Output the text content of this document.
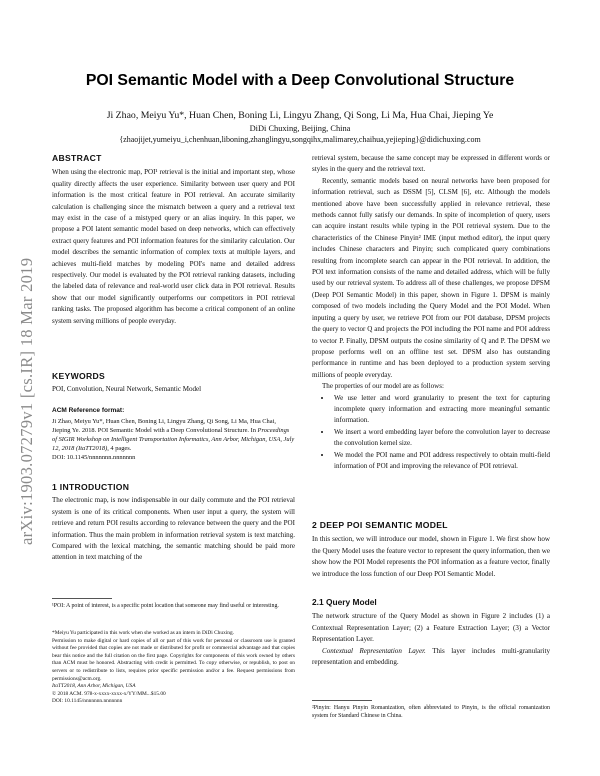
arXiv:1903.07279v1 [cs.IR] 18 Mar 2019
POI Semantic Model with a Deep Convolutional Structure
Ji Zhao, Meiyu Yu*, Huan Chen, Boning Li, Lingyu Zhang, Qi Song, Li Ma, Hua Chai, Jieping Ye
DiDi Chuxing, Beijing, China
{zhaojijet,yumeiyu_i,chenhuan,liboning,zhanglingyu,songqihx,malimarey,chaihua,yejieping}@didichuxing.com

ABSTRACT

When using the electronic map, POI¹ retrieval is the initial and important step, whose quality directly affects the user experience. Similarity between user query and POI information is the most critical feature in POI retrieval. An accurate similarity calculation is challenging since the mismatch between a query and a retrieval text may exist in the case of a mistyped query or an alias inquiry. In this paper, we propose a POI latent semantic model based on deep networks, which can effectively extract query features and POI information features for the similarity calculation. Our model describes the semantic information of complex texts at multiple layers, and achieves multi-field matches by modeling POI's name and detailed address respectively. Our model is evaluated by the POI retrieval ranking datasets, including the labeled data of relevance and real-world user click data in POI retrieval. Results show that our model significantly outperforms our competitors in POI retrieval ranking tasks. The proposed algorithm has become a critical component of an online system serving millions of people everyday.

KEYWORDS

POI, Convolution, Neural Network, Semantic Model

ACM Reference format:

Ji Zhao, Meiyu Yu*, Huan Chen, Boning Li, Lingyu Zhang, Qi Song, Li Ma, Hua Chai, Jieping Ye. 2018. POI Semantic Model with a Deep Convolutional Structure. In Proceedings of SIGIR Workshop on Intelligent Transportation Informatics, Ann Arbor, Michigan, USA, July 12, 2018 (ItaTT2018), 4 pages.

DOI: 10.1145/nnnnnnn.nnnnnnn

1 INTRODUCTION

The electronic map, is now indispensable in our daily commute and the POI retrieval system is one of its critical components. When user input a query, the system will retrieve and return POI results according to relevance between the query and the POI information. Thus the main problem in information retrieval system is text matching. Compared with the lexical matching, the semantic matching should be paid more attention in text matching of the

¹POI: A point of interest, is a specific point location that someone may find useful or interesting.

*Meiyu Yu participated in this work when she worked as an intern in DiDi Chuxing.

Permission to make digital or hard copies of all or part of this work for personal or classroom use is granted without fee provided that copies are not made or distributed for profit or commercial advantage and that copies bear this notice and the full citation on the first page. Copyrights for components of this work owned by others than ACM must be honored. Abstracting with credit is permitted. To copy otherwise, or republish, to post on servers or to redistribute to lists, requires prior specific permission and/or a fee. Request permissions from permissions@acm.org.

ItaTT2018, Ann Arbor, Michigan, USA

© 2018 ACM. 978-x-xxxx-xxxx-x/YY/MM...$15.00

DOI: 10.1145/nnnnnnn.nnnnnnn

retrieval system, because the same concept may be expressed in different words or styles in the query and the retrieval text.

Recently, semantic models based on neural networks have been proposed for information retrieval, such as DSSM [5], CLSM [6], etc. Although the models mentioned above have been successfully applied in relevance retrieval, these methods cannot fully satisfy our demands. In spite of incompletion of query, users can acquire instant results while typing in the POI retrieval system. Due to the characteristics of the Chinese Pinyin² IME (input method editor), the input query includes Chinese characters and Pinyin; such complicated query combinations resulting from incomplete search can appear in the POI retrieval. In addition, the POI text information consists of the name and detailed address, which will be fully used by our retrieval system. To address all of these challenges, we propose DPSM (Deep POI Semantic Model) in this paper, shown in Figure 1. DPSM is mainly composed of two models including the Query Model and the POI Model. When inputing a query by user, we retrieve POI from our POI database, DPSM projects the query to vector Q and projects the POI including the POI name and POI address to vector P. Finally, DPSM outputs the cosine similarity of Q and P. The DPSM we propose performs well on an offline test set. DPSM also has outstanding performance in runtime and has been deployed to a production system serving millions of people everyday.

The properties of our model are as follows:

• We use letter and word granularity to present the text for capturing incomplete query information and extracting more meaningful semantic information.
• We insert a word embedding layer before the convolution layer to decrease the convolution kernel size.
• We model the POI name and POI address respectively to obtain multi-field information of POI and improving the relevance of POI retrieval.

2 DEEP POI SEMANTIC MODEL

In this section, we will introduce our model, shown in Figure 1. We first show how the Query Model uses the feature vector to represent the query information, then we show how the POI Model represents the POI information as a feature vector, finally we introduce the loss function of our Deep POI Semantic Model.

2.1 Query Model

The network structure of the Query Model as shown in Figure 2 includes (1) a Contextual Representation Layer; (2) a Feature Extraction Layer; (3) a Vector Representation Layer.

Contextual Representation Layer. This layer includes multi-granularity representation and embedding.

²Pinyin: Hanyu Pinyin Romanization, often abbreviated to Pinyin, is the official romanization system for Standard Chinese in China.
